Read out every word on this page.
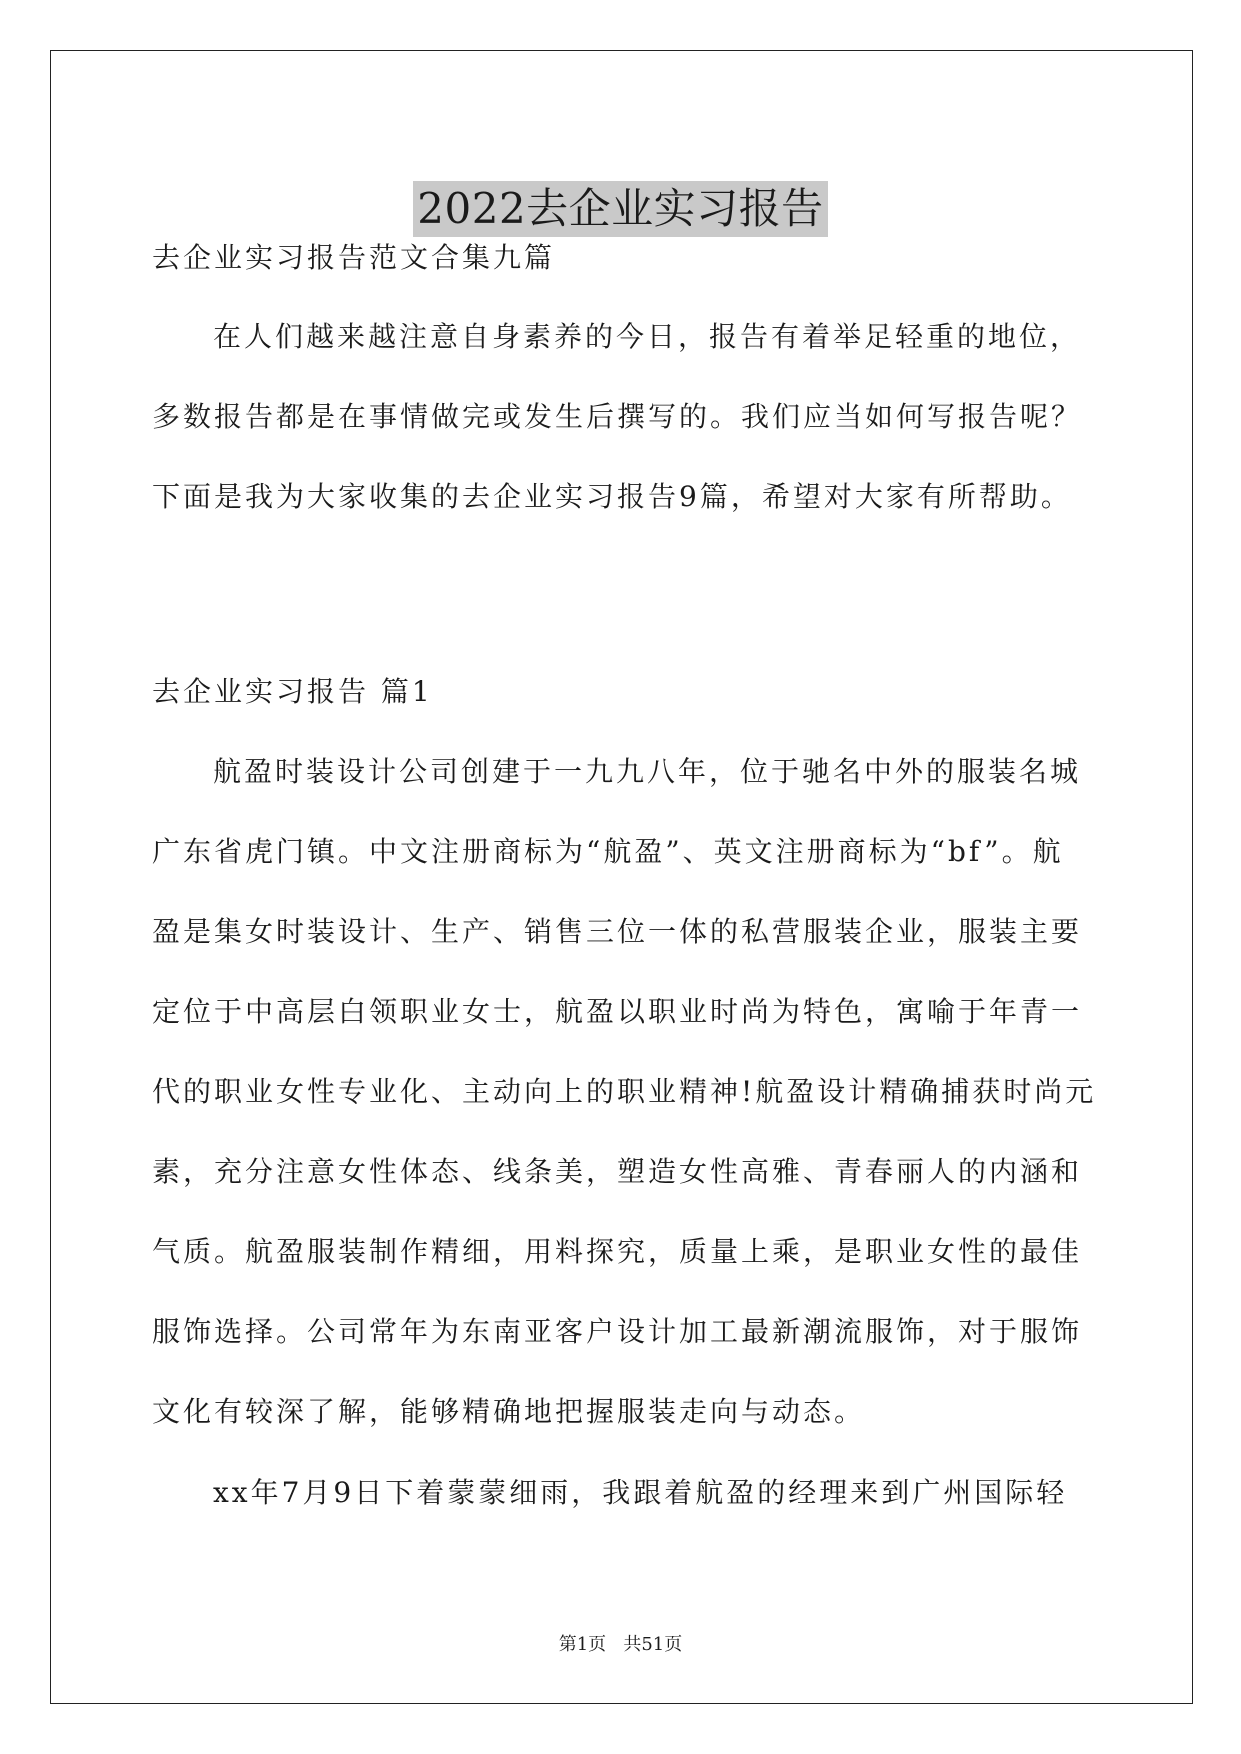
2022去企业实习报告
去企业实习报告范文合集九篇
在人们越来越注意自身素养的今日，报告有着举足轻重的地位，
多数报告都是在事情做完或发生后撰写的。我们应当如何写报告呢？
下面是我为大家收集的去企业实习报告9篇，希望对大家有所帮助。
去企业实习报告 篇1
航盈时装设计公司创建于一九九八年，位于驰名中外的服装名城
广东省虎门镇。中文注册商标为“航盈”、英文注册商标为“bf”。航
盈是集女时装设计、生产、销售三位一体的私营服装企业，服装主要
定位于中高层白领职业女士，航盈以职业时尚为特色，寓喻于年青一
代的职业女性专业化、主动向上的职业精神!航盈设计精确捕获时尚元
素，充分注意女性体态、线条美，塑造女性高雅、青春丽人的内涵和
气质。航盈服装制作精细，用料探究，质量上乘，是职业女性的最佳
服饰选择。公司常年为东南亚客户设计加工最新潮流服饰，对于服饰
文化有较深了解，能够精确地把握服装走向与动态。
xx年7月9日下着蒙蒙细雨，我跟着航盈的经理来到广州国际轻
第1页   共51页
